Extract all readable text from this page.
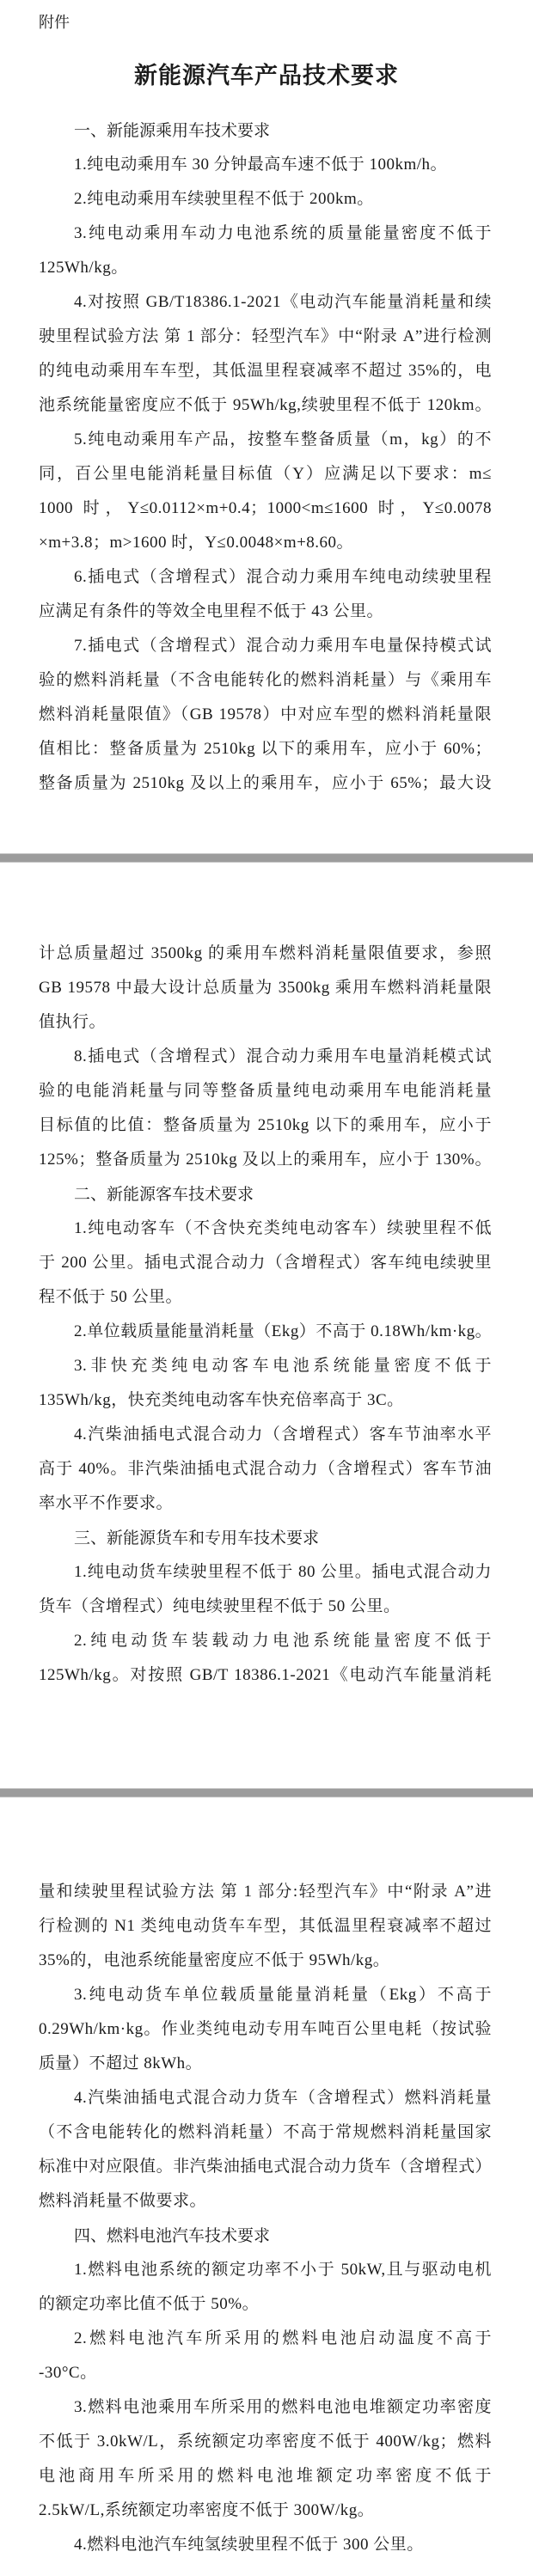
附件
新能源汽车产品技术要求
一、新能源乘用车技术要求
1.纯电动乘用车 30 分钟最高车速不低于 100km/h。
2.纯电动乘用车续驶里程不低于 200km。
3.纯电动乘用车动力电池系统的质量能量密度不低于
125Wh/kg。
4.对按照 GB/T18386.1-2021《电动汽车能量消耗量和续
驶里程试验方法 第 1 部分：轻型汽车》中“附录 A”进行检测
的纯电动乘用车车型，其低温里程衰减率不超过 35%的，电
池系统能量密度应不低于 95Wh/kg,续驶里程不低于 120km。
5.纯电动乘用车产品，按整车整备质量（m，kg）的不
同，百公里电能消耗量目标值（Y）应满足以下要求：m≤
1000 时，Y≤0.0112×m+0.4；1000<m≤1600 时，Y≤0.0078
×m+3.8；m>1600 时，Y≤0.0048×m+8.60。
6.插电式（含增程式）混合动力乘用车纯电动续驶里程
应满足有条件的等效全电里程不低于 43 公里。
7.插电式（含增程式）混合动力乘用车电量保持模式试
验的燃料消耗量（不含电能转化的燃料消耗量）与《乘用车
燃料消耗量限值》（GB 19578）中对应车型的燃料消耗量限
值相比：整备质量为 2510kg 以下的乘用车，应小于 60%；
整备质量为 2510kg 及以上的乘用车，应小于 65%；最大设
计总质量超过 3500kg 的乘用车燃料消耗量限值要求，参照
GB 19578 中最大设计总质量为 3500kg 乘用车燃料消耗量限
值执行。
8.插电式（含增程式）混合动力乘用车电量消耗模式试
验的电能消耗量与同等整备质量纯电动乘用车电能消耗量
目标值的比值：整备质量为 2510kg 以下的乘用车，应小于
125%；整备质量为 2510kg 及以上的乘用车，应小于 130%。
二、新能源客车技术要求
1.纯电动客车（不含快充类纯电动客车）续驶里程不低
于 200 公里。插电式混合动力（含增程式）客车纯电续驶里
程不低于 50 公里。
2.单位载质量能量消耗量（Ekg）不高于 0.18Wh/km·kg。
3.非快充类纯电动客车电池系统能量密度不低于
135Wh/kg，快充类纯电动客车快充倍率高于 3C。
4.汽柴油插电式混合动力（含增程式）客车节油率水平
高于 40%。非汽柴油插电式混合动力（含增程式）客车节油
率水平不作要求。
三、新能源货车和专用车技术要求
1.纯电动货车续驶里程不低于 80 公里。插电式混合动力
货车（含增程式）纯电续驶里程不低于 50 公里。
2.纯电动货车装载动力电池系统能量密度不低于
125Wh/kg。对按照 GB/T 18386.1-2021《电动汽车能量消耗
量和续驶里程试验方法 第 1 部分:轻型汽车》中“附录 A”进
行检测的 N1 类纯电动货车车型，其低温里程衰减率不超过
35%的，电池系统能量密度应不低于 95Wh/kg。
3.纯电动货车单位载质量能量消耗量（Ekg）不高于
0.29Wh/km·kg。作业类纯电动专用车吨百公里电耗（按试验
质量）不超过 8kWh。
4.汽柴油插电式混合动力货车（含增程式）燃料消耗量
（不含电能转化的燃料消耗量）不高于常规燃料消耗量国家
标准中对应限值。非汽柴油插电式混合动力货车（含增程式）
燃料消耗量不做要求。
四、燃料电池汽车技术要求
1.燃料电池系统的额定功率不小于 50kW,且与驱动电机
的额定功率比值不低于 50%。
2.燃料电池汽车所采用的燃料电池启动温度不高于
-30°C。
3.燃料电池乘用车所采用的燃料电池电堆额定功率密度
不低于 3.0kW/L，系统额定功率密度不低于 400W/kg；燃料
电池商用车所采用的燃料电池堆额定功率密度不低于
2.5kW/L,系统额定功率密度不低于 300W/kg。
4.燃料电池汽车纯氢续驶里程不低于 300 公里。
